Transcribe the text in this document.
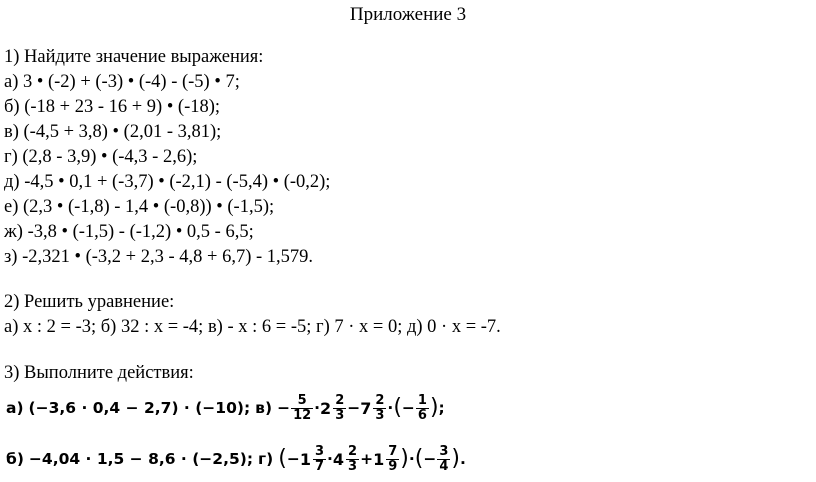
Приложение 3
1) Найдите значение выражения:
а) 3 • (-2) + (-3) • (-4) - (-5) • 7;
б) (-18 + 23 - 16 + 9) • (-18);
в) (-4,5 + 3,8) • (2,01 - 3,81);
г) (2,8 - 3,9) • (-4,3 - 2,6);
д) -4,5 • 0,1 + (-3,7) • (-2,1) - (-5,4) • (-0,2);
е) (2,3 • (-1,8) - 1,4 • (-0,8)) • (-1,5);
ж) -3,8 • (-1,5) - (-1,2) • 0,5 - 6,5;
з) -2,321 • (-3,2 + 2,3 - 4,8 + 6,7) - 1,579.
2) Решить уравнение:
а) x : 2 = -3; б) 32 : x = -4; в) - x : 6 = -5; г) 7 · x = 0; д) 0 · x = -7.
3) Выполните действия:
а) (−3,6 · 0,4 − 2,7) · (−10); $в) - \frac{5}{12} \cdot 2 \frac{2}{3} - 7 \frac{2}{3}$ · ( − $\frac{1}{6}$ ) ;
б) −4,04 · 1,5 − 8,6 · (−2,5); г) ( − $1 \frac{3}{7} \cdot 4 \frac{2}{3} + 1 \frac{7}{9}$ ) · ( − $\frac{3}{4}$ ) .
